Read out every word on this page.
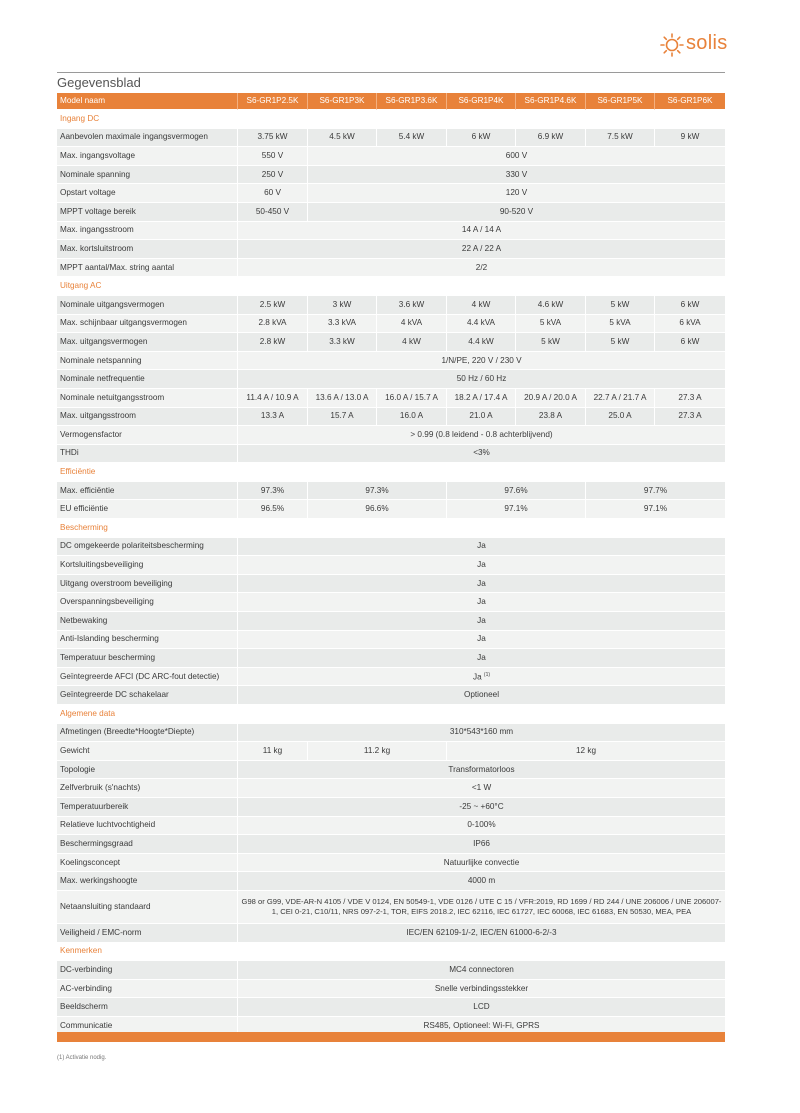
solis
Gegevensblad
Model naam	S6-GR1P2.5K	S6-GR1P3K	S6-GR1P3.6K	S6-GR1P4K	S6-GR1P4.6K	S6-GR1P5K	S6-GR1P6K
Ingang DC							
Aanbevolen maximale ingangsvermogen	3.75 kW	4.5 kW	5.4 kW	6 kW	6.9 kW	7.5 kW	9 kW
Max. ingangsvoltage	550 V	600 V					
Nominale spanning	250 V	330 V					
Opstart voltage	60 V	120 V					
MPPT voltage bereik	50-450 V	90-520 V					
Max. ingangsstroom	14 A / 14 A						
Max. kortsluitstroom	22 A / 22 A						
MPPT aantal/Max. string aantal	2/2						
Uitgang AC							
Nominale uitgangsvermogen	2.5 kW	3 kW	3.6 kW	4 kW	4.6 kW	5 kW	6 kW
Max. schijnbaar uitgangsvermogen	2.8 kVA	3.3 kVA	4 kVA	4.4 kVA	5 kVA	5 kVA	6 kVA
Max. uitgangsvermogen	2.8 kW	3.3 kW	4 kW	4.4 kW	5 kW	5 kW	6 kW
Nominale netspanning	1/N/PE, 220 V / 230 V						
Nominale netfrequentie	50 Hz / 60 Hz						
Nominale netuitgangsstroom	11.4 A / 10.9 A	13.6 A / 13.0 A	16.0 A / 15.7 A	18.2 A / 17.4 A	20.9 A / 20.0 A	22.7 A / 21.7 A	27.3 A
Max. uitgangsstroom	13.3 A	15.7 A	16.0 A	21.0 A	23.8 A	25.0 A	27.3 A
Vermogensfactor	> 0.99 (0.8 leidend - 0.8 achterblijvend)						
THDi	<3%						
Efficiëntie							
Max. efficiëntie	97.3%	97.3%		97.6%		97.7%	
EU efficiëntie	96.5%	96.6%		97.1%		97.1%	
Bescherming							
DC omgekeerde polariteitsbescherming	Ja						
Kortsluitingsbeveiliging	Ja						
Uitgang overstroom beveiliging	Ja						
Overspanningsbeveiliging	Ja						
Netbewaking	Ja						
Anti-Islanding bescherming	Ja						
Temperatuur bescherming	Ja						
Geïntegreerde AFCI (DC ARC-fout detectie)	Ja $^{(1)}$
Geïntegreerde DC schakelaar	Optioneel						
Algemene data							
Afmetingen (Breedte*Hoogte*Diepte)	310*543*160 mm						
Gewicht	11 kg	11.2 kg		12 kg			
Topologie	Transformatorloos						
Zelfverbruik (s'nachts)	<1 W						
Temperatuurbereik	-25 ~ +60°C						
Relatieve luchtvochtigheid	0-100%						
Beschermingsgraad	IP66						
Koelingsconcept	Natuurlijke convectie						
Max. werkingshoogte	4000 m						
Netaansluiting standaard	G98 or G99, VDE-AR-N 4105 / VDE V 0124, EN 50549-1, VDE 0126 / UTE C 15 / VFR:2019, RD 1699 / RD 244 / UNE 206006 / UNE 206007-1, CEI 0-21, C10/11, NRS 097-2-1, TOR, EIFS 2018.2, IEC 62116, IEC 61727, IEC 60068, IEC 61683, EN 50530, MEA, PEA						
Veiligheid / EMC-norm	IEC/EN 62109-1/-2, IEC/EN 61000-6-2/-3						
Kenmerken							
DC-verbinding	MC4 connectoren						
AC-verbinding	Snelle verbindingsstekker						
Beeldscherm	LCD						
Communicatie	RS485, Optioneel: Wi-Fi, GPRS						
(1) Activatie nodig.
